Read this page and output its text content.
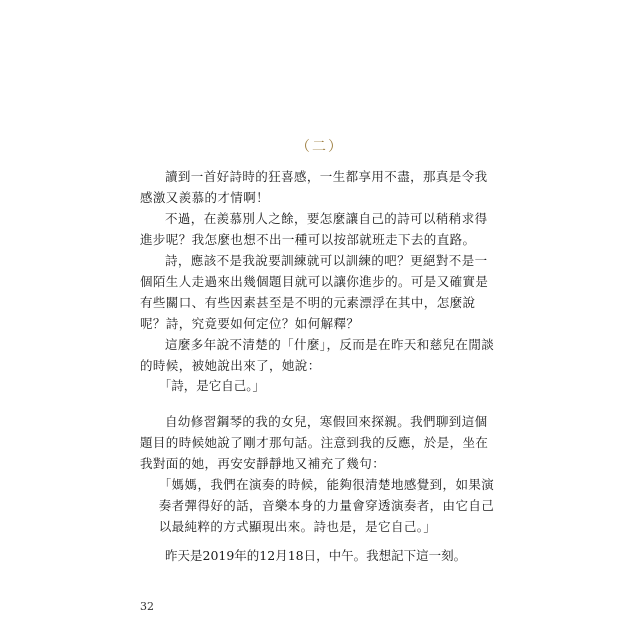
（二）

讀到一首好詩時的狂喜感，一生都享用不盡，那真是令我感激又羨慕的才情啊！

不過，在羨慕別人之餘，要怎麼讓自己的詩可以稍稍求得進步呢？我怎麼也想不出一種可以按部就班走下去的直路。

詩，應該不是我說要訓練就可以訓練的吧？更絕對不是一個陌生人走過來出幾個題目就可以讓你進步的。可是又確實是有些關口、有些因素甚至是不明的元素漂浮在其中，怎麼說呢？詩，究竟要如何定位？如何解釋？

這麼多年說不清楚的「什麼」，反而是在昨天和慈兒在閒談的時候，被她說出來了，她說：

「詩，是它自己。」

自幼修習鋼琴的我的女兒，寒假回來探親。我們聊到這個題目的時候她說了剛才那句話。注意到我的反應，於是，坐在我對面的她，再安安靜靜地又補充了幾句：

「媽媽，我們在演奏的時候，能夠很清楚地感覺到，如果演奏者彈得好的話，音樂本身的力量會穿透演奏者，由它自己以最純粹的方式顯現出來。詩也是，是它自己。」

昨天是2019年的12月18日，中午。我想記下這一刻。
32
